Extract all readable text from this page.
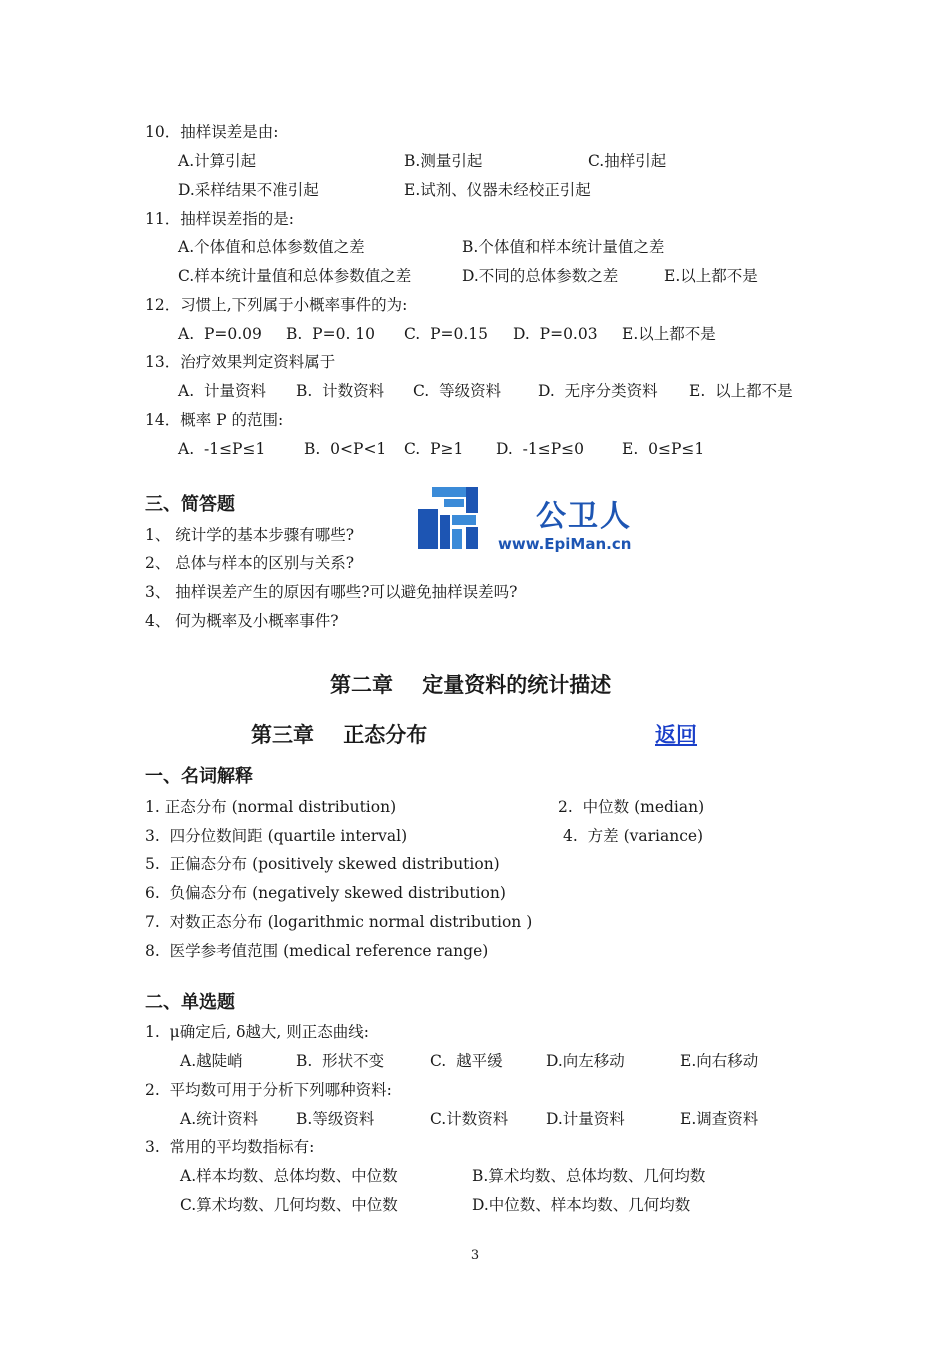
10．抽样误差是由:
A.计算引起	B.测量引起	C.抽样引起
D.采样结果不准引起	E.试剂、仪器未经校正引起
11．抽样误差指的是:
A.个体值和总体参数值之差	B.个体值和样本统计量值之差
C.样本统计量值和总体参数值之差	D.不同的总体参数之差	E.以上都不是
12．习惯上,下列属于小概率事件的为:
A.  P=0.09 B.  P=0. 10 C.  P=0.15 D.  P=0.03 E.以上都不是
13．治疗效果判定资料属于
A.  计量资料 B.  计数资料 C.  等级资料 D.  无序分类资料 E.  以上都不是
14．概率 P 的范围:
A.  -1≤P≤1 B.  0<P<1 C.  P≥1 D.  -1≤P≤0 E.  0≤P≤1
三、简答题
1、 统计学的基本步骤有哪些?
2、 总体与样本的区别与关系?
3、 抽样误差产生的原因有哪些?可以避免抽样误差吗?
4、 何为概率及小概率事件?
公卫人
www.EpiMan.cn
第二章    定量资料的统计描述
第三章    正态分布	返回
一、名词解释
1. 正态分布 (normal distribution)	2.  中位数 (median)
3.  四分位数间距 (quartile interval)	4.  方差 (variance)
5.  正偏态分布 (positively skewed distribution)
6.  负偏态分布 (negatively skewed distribution)
7.  对数正态分布 (logarithmic normal distribution )
8.  医学参考值范围 (medical reference range)
二、单选题
1.  μ确定后, δ越大, 则正态曲线:
A.越陡峭	B.  形状不变	C.  越平缓	D.向左移动	E.向右移动
2.  平均数可用于分析下列哪种资料:
A.统计资料 B.等级资料	C.计数资料 D.计量资料	E.调查资料
3.  常用的平均数指标有:
A.样本均数、总体均数、中位数	B.算术均数、总体均数、几何均数
C.算术均数、几何均数、中位数	D.中位数、样本均数、几何均数
3
